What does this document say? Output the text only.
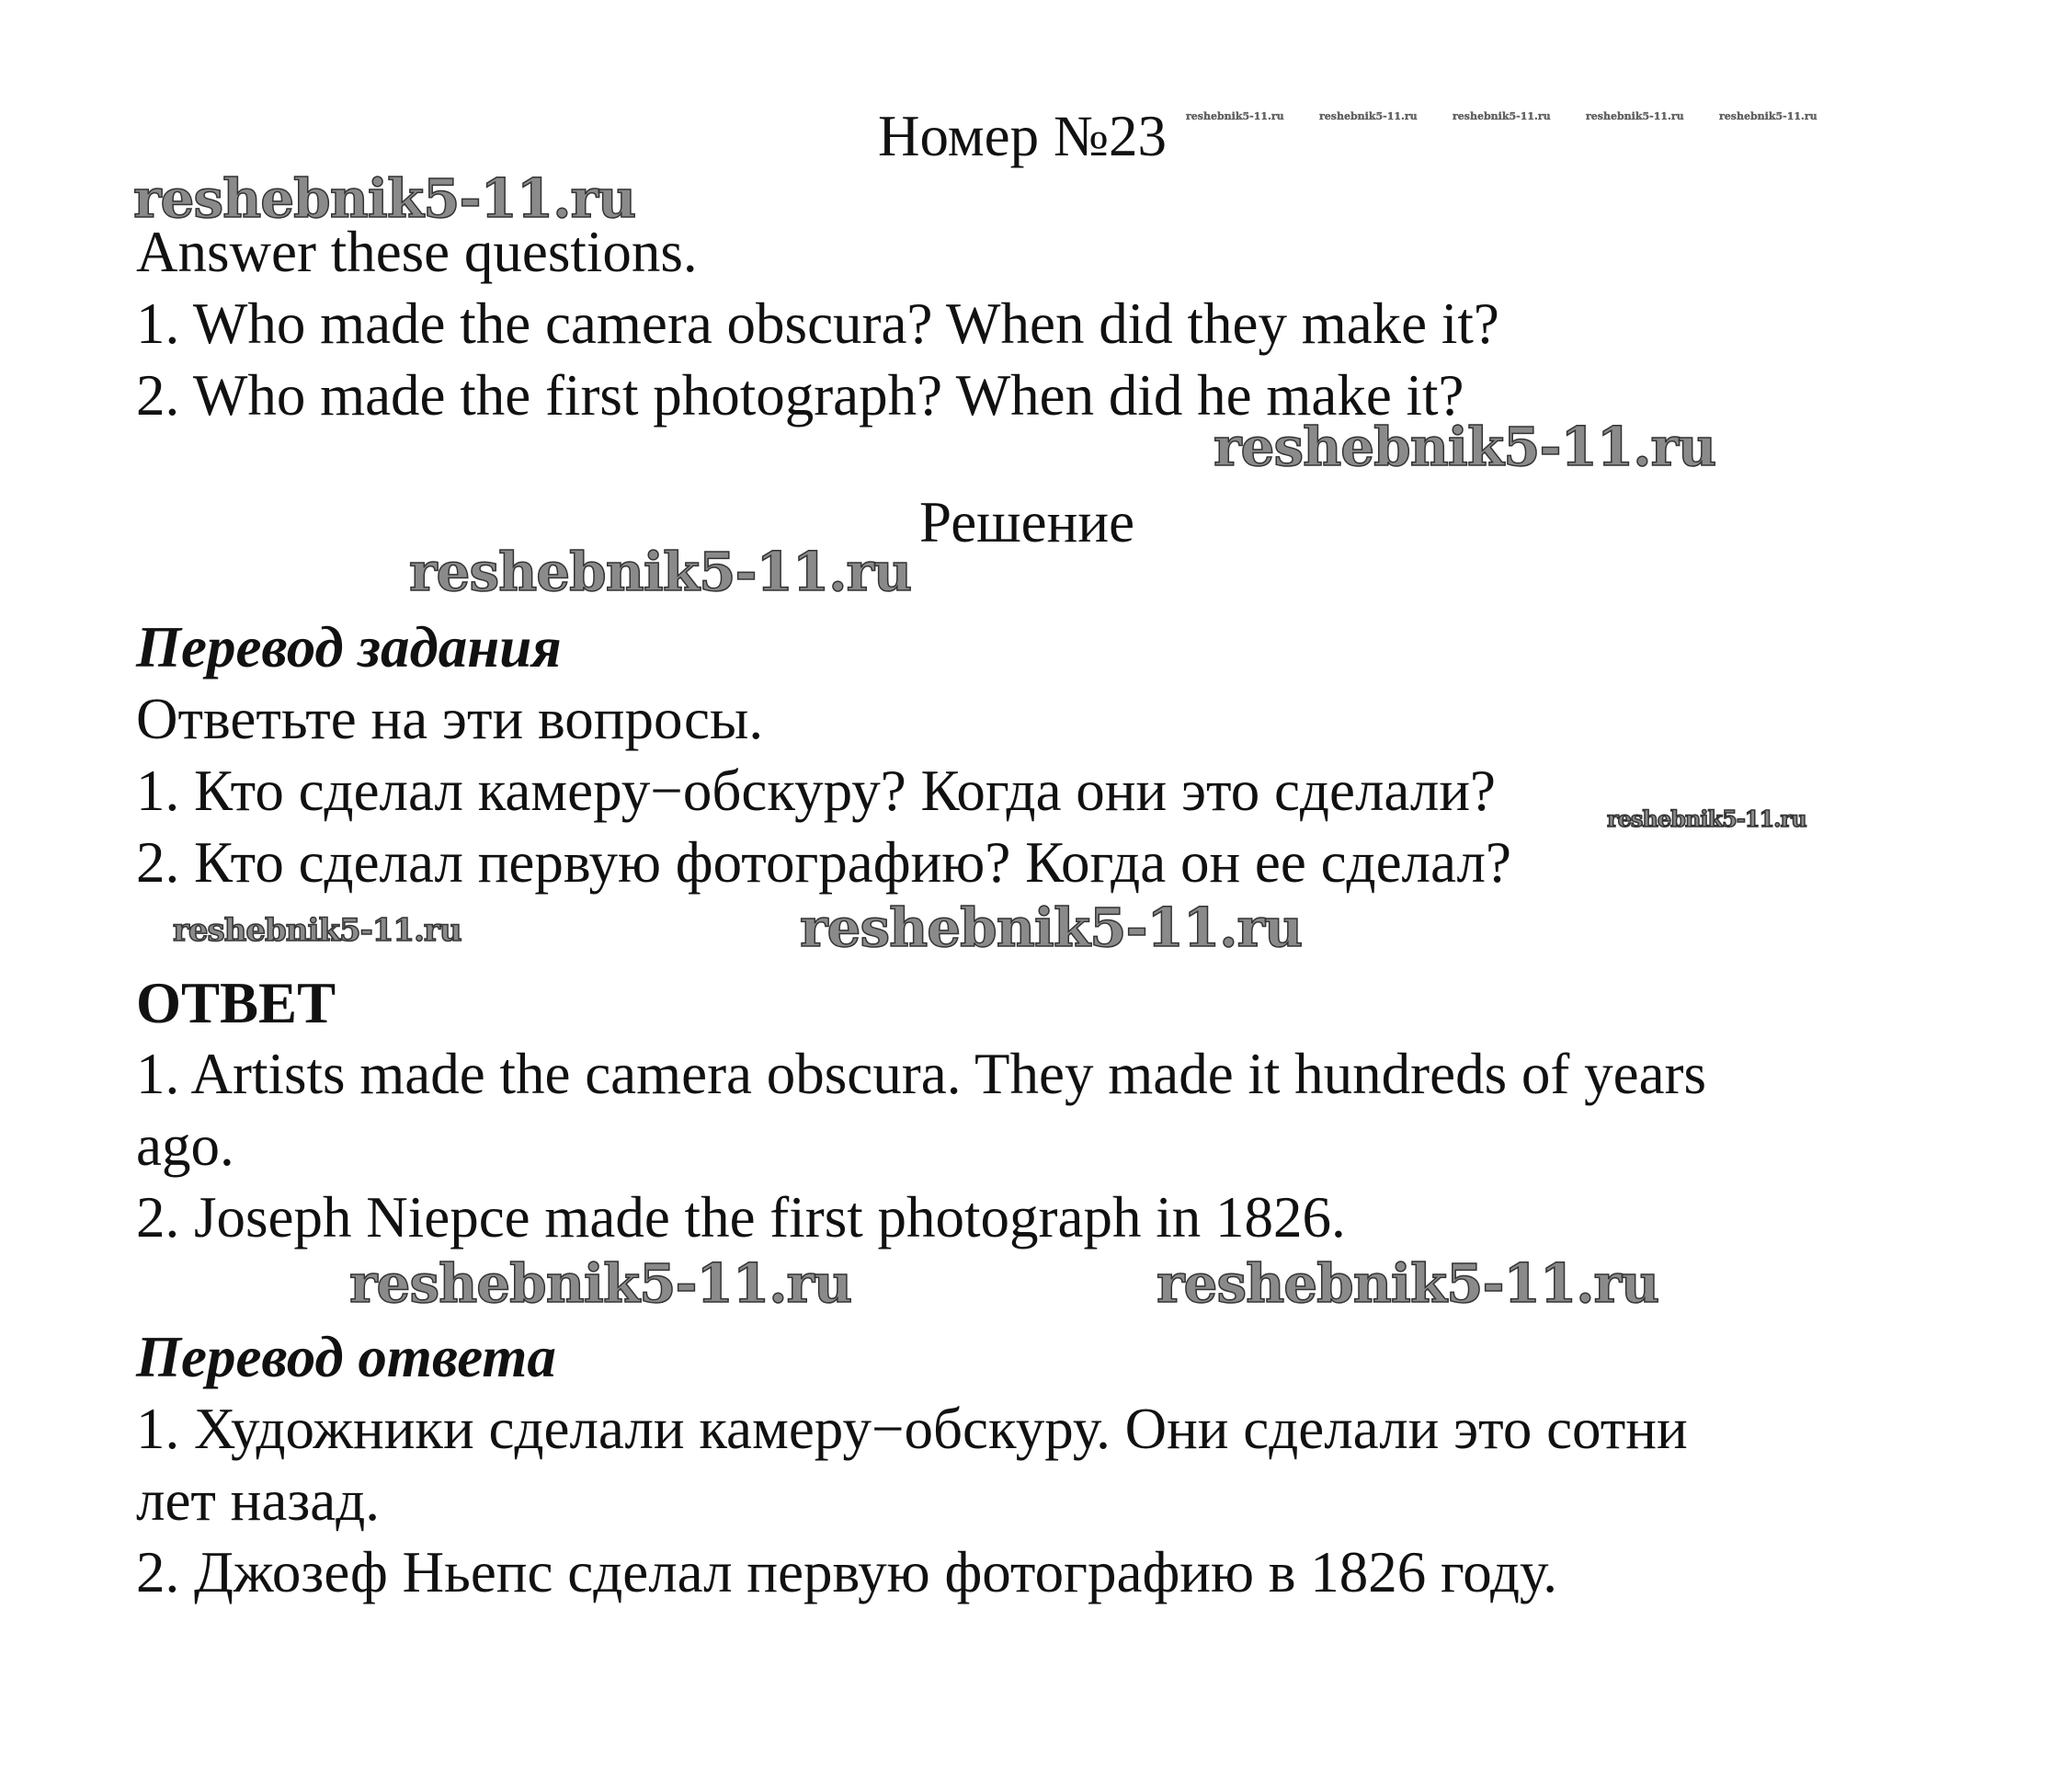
Номер №23 reshebnik5-11.ru	reshebnik5-11.ru	reshebnik5-11.ru	reshebnik5-11.ru	reshebnik5-11.ru
reshebnik5-11.ru
Answer these questions.
1. Who made the camera obscura? When did they make it?
2. Who made the first photograph? When did he make it?
reshebnik5-11.ru
Решение
reshebnik5-11.ru
Перевод задания
Ответьте на эти вопросы.
1. Кто сделал камеру−обскуру? Когда они это сделали?	reshebnik5-11.ru
2. Кто сделал первую фотографию? Когда он ее сделал?
reshebnik5-11.ru	reshebnik5-11.ru
ОТВЕТ
1. Artists made the camera obscura. They made it hundreds of years
ago.
2. Joseph Niepce made the first photograph in 1826.
reshebnik5-11.ru	reshebnik5-11.ru
Перевод ответа
1. Художники сделали камеру−обскуру. Они сделали это сотни
лет назад.
2. Джозеф Ньепс сделал первую фотографию в 1826 году.
